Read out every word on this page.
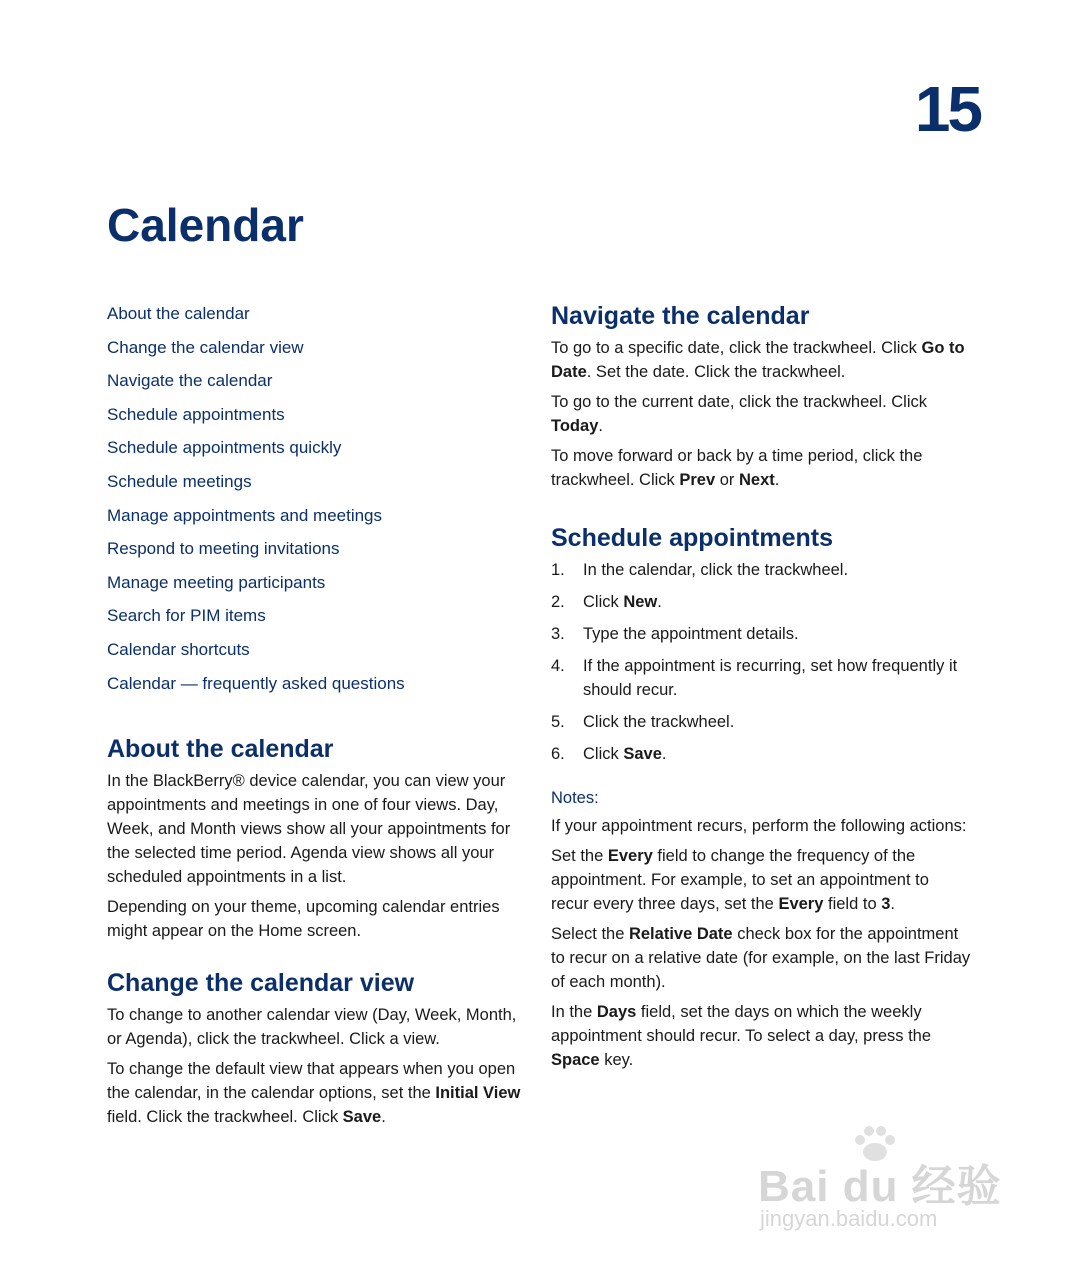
15
Calendar
About the calendar
Change the calendar view
Navigate the calendar
Schedule appointments
Schedule appointments quickly
Schedule meetings
Manage appointments and meetings
Respond to meeting invitations
Manage meeting participants
Search for PIM items
Calendar shortcuts
Calendar — frequently asked questions
About the calendar

In the BlackBerry® device calendar, you can view your appointments and meetings in one of four views. Day, Week, and Month views show all your appointments for the selected time period. Agenda view shows all your scheduled appointments in a list.

Depending on your theme, upcoming calendar entries might appear on the Home screen.

Change the calendar view

To change to another calendar view (Day, Week, Month, or Agenda), click the trackwheel. Click a view.

To change the default view that appears when you open the calendar, in the calendar options, set the Initial View field. Click the trackwheel. Click Save.

Navigate the calendar

To go to a specific date, click the trackwheel. Click Go to Date. Set the date. Click the trackwheel.

To go to the current date, click the trackwheel. Click Today.

To move forward or back by a time period, click the trackwheel. Click Prev or Next.

Schedule appointments
1. In the calendar, click the trackwheel.
2. Click New.
3. Type the appointment details.
4. If the appointment is recurring, set how frequently it should recur.
5. Click the trackwheel.
6. Click Save.
Notes:

If your appointment recurs, perform the following actions:

Set the Every field to change the frequency of the appointment. For example, to set an appointment to recur every three days, set the Every field to 3.

Select the Relative Date check box for the appointment to recur on a relative date (for example, on the last Friday of each month).

In the Days field, set the days on which the weekly appointment should recur. To select a day, press the Space key.

Bai du 经验
jingyan.baidu.com
